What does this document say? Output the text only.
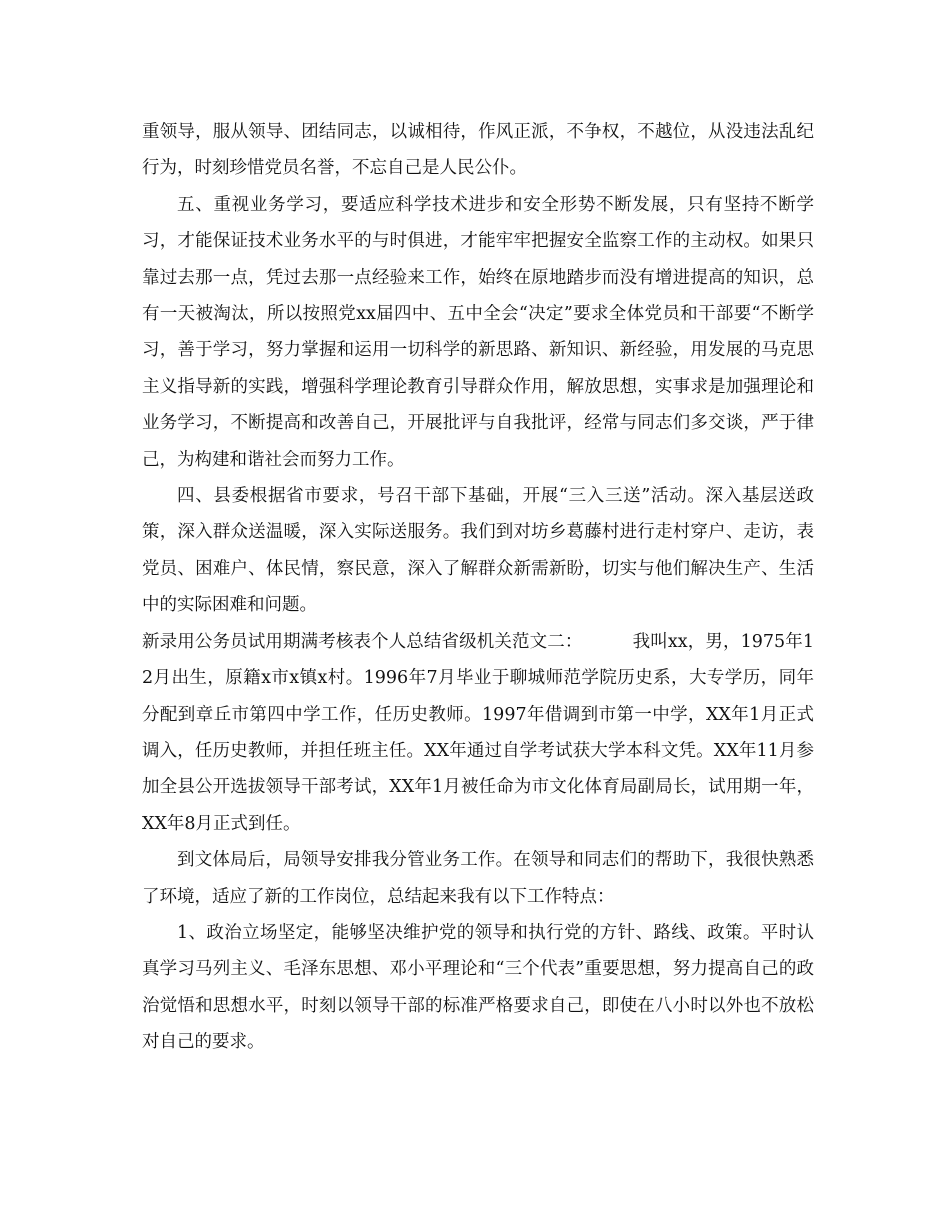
重领导，服从领导、团结同志，以诚相待，作风正派，不争权，不越位，从没违法乱纪行为，时刻珍惜党员名誉，不忘自己是人民公仆。

五、重视业务学习，要适应科学技术进步和安全形势不断发展，只有坚持不断学习，才能保证技术业务水平的与时俱进，才能牢牢把握安全监察工作的主动权。如果只靠过去那一点，凭过去那一点经验来工作，始终在原地踏步而没有增进提高的知识，总有一天被淘汰，所以按照党xx届四中、五中全会“决定”要求全体党员和干部要“不断学习，善于学习，努力掌握和运用一切科学的新思路、新知识、新经验，用发展的马克思主义指导新的实践，增强科学理论教育引导群众作用，解放思想，实事求是加强理论和业务学习，不断提高和改善自己，开展批评与自我批评，经常与同志们多交谈，严于律己，为构建和谐社会而努力工作。

四、县委根据省市要求，号召干部下基础，开展“三入三送”活动。深入基层送政策，深入群众送温暖，深入实际送服务。我们到对坊乡葛藤村进行走村穿户、走访，表党员、困难户、体民情，察民意，深入了解群众新需新盼，切实与他们解决生产、生活中的实际困难和问题。

新录用公务员试用期满考核表个人总结省级机关范文二：	我叫xx，男，1975年12月出生，原籍x市x镇x村。1996年7月毕业于聊城师范学院历史系，大专学历，同年分配到章丘市第四中学工作，任历史教师。1997年借调到市第一中学，XX年1月正式调入，任历史教师，并担任班主任。XX年通过自学考试获大学本科文凭。XX年11月参加全县公开选拔领导干部考试，XX年1月被任命为市文化体育局副局长，试用期一年，XX年8月正式到任。

到文体局后，局领导安排我分管业务工作。在领导和同志们的帮助下，我很快熟悉了环境，适应了新的工作岗位，总结起来我有以下工作特点：

1、政治立场坚定，能够坚决维护党的领导和执行党的方针、路线、政策。平时认真学习马列主义、毛泽东思想、邓小平理论和“三个代表”重要思想，努力提高自己的政治觉悟和思想水平，时刻以领导干部的标准严格要求自己，即使在八小时以外也不放松对自己的要求。
